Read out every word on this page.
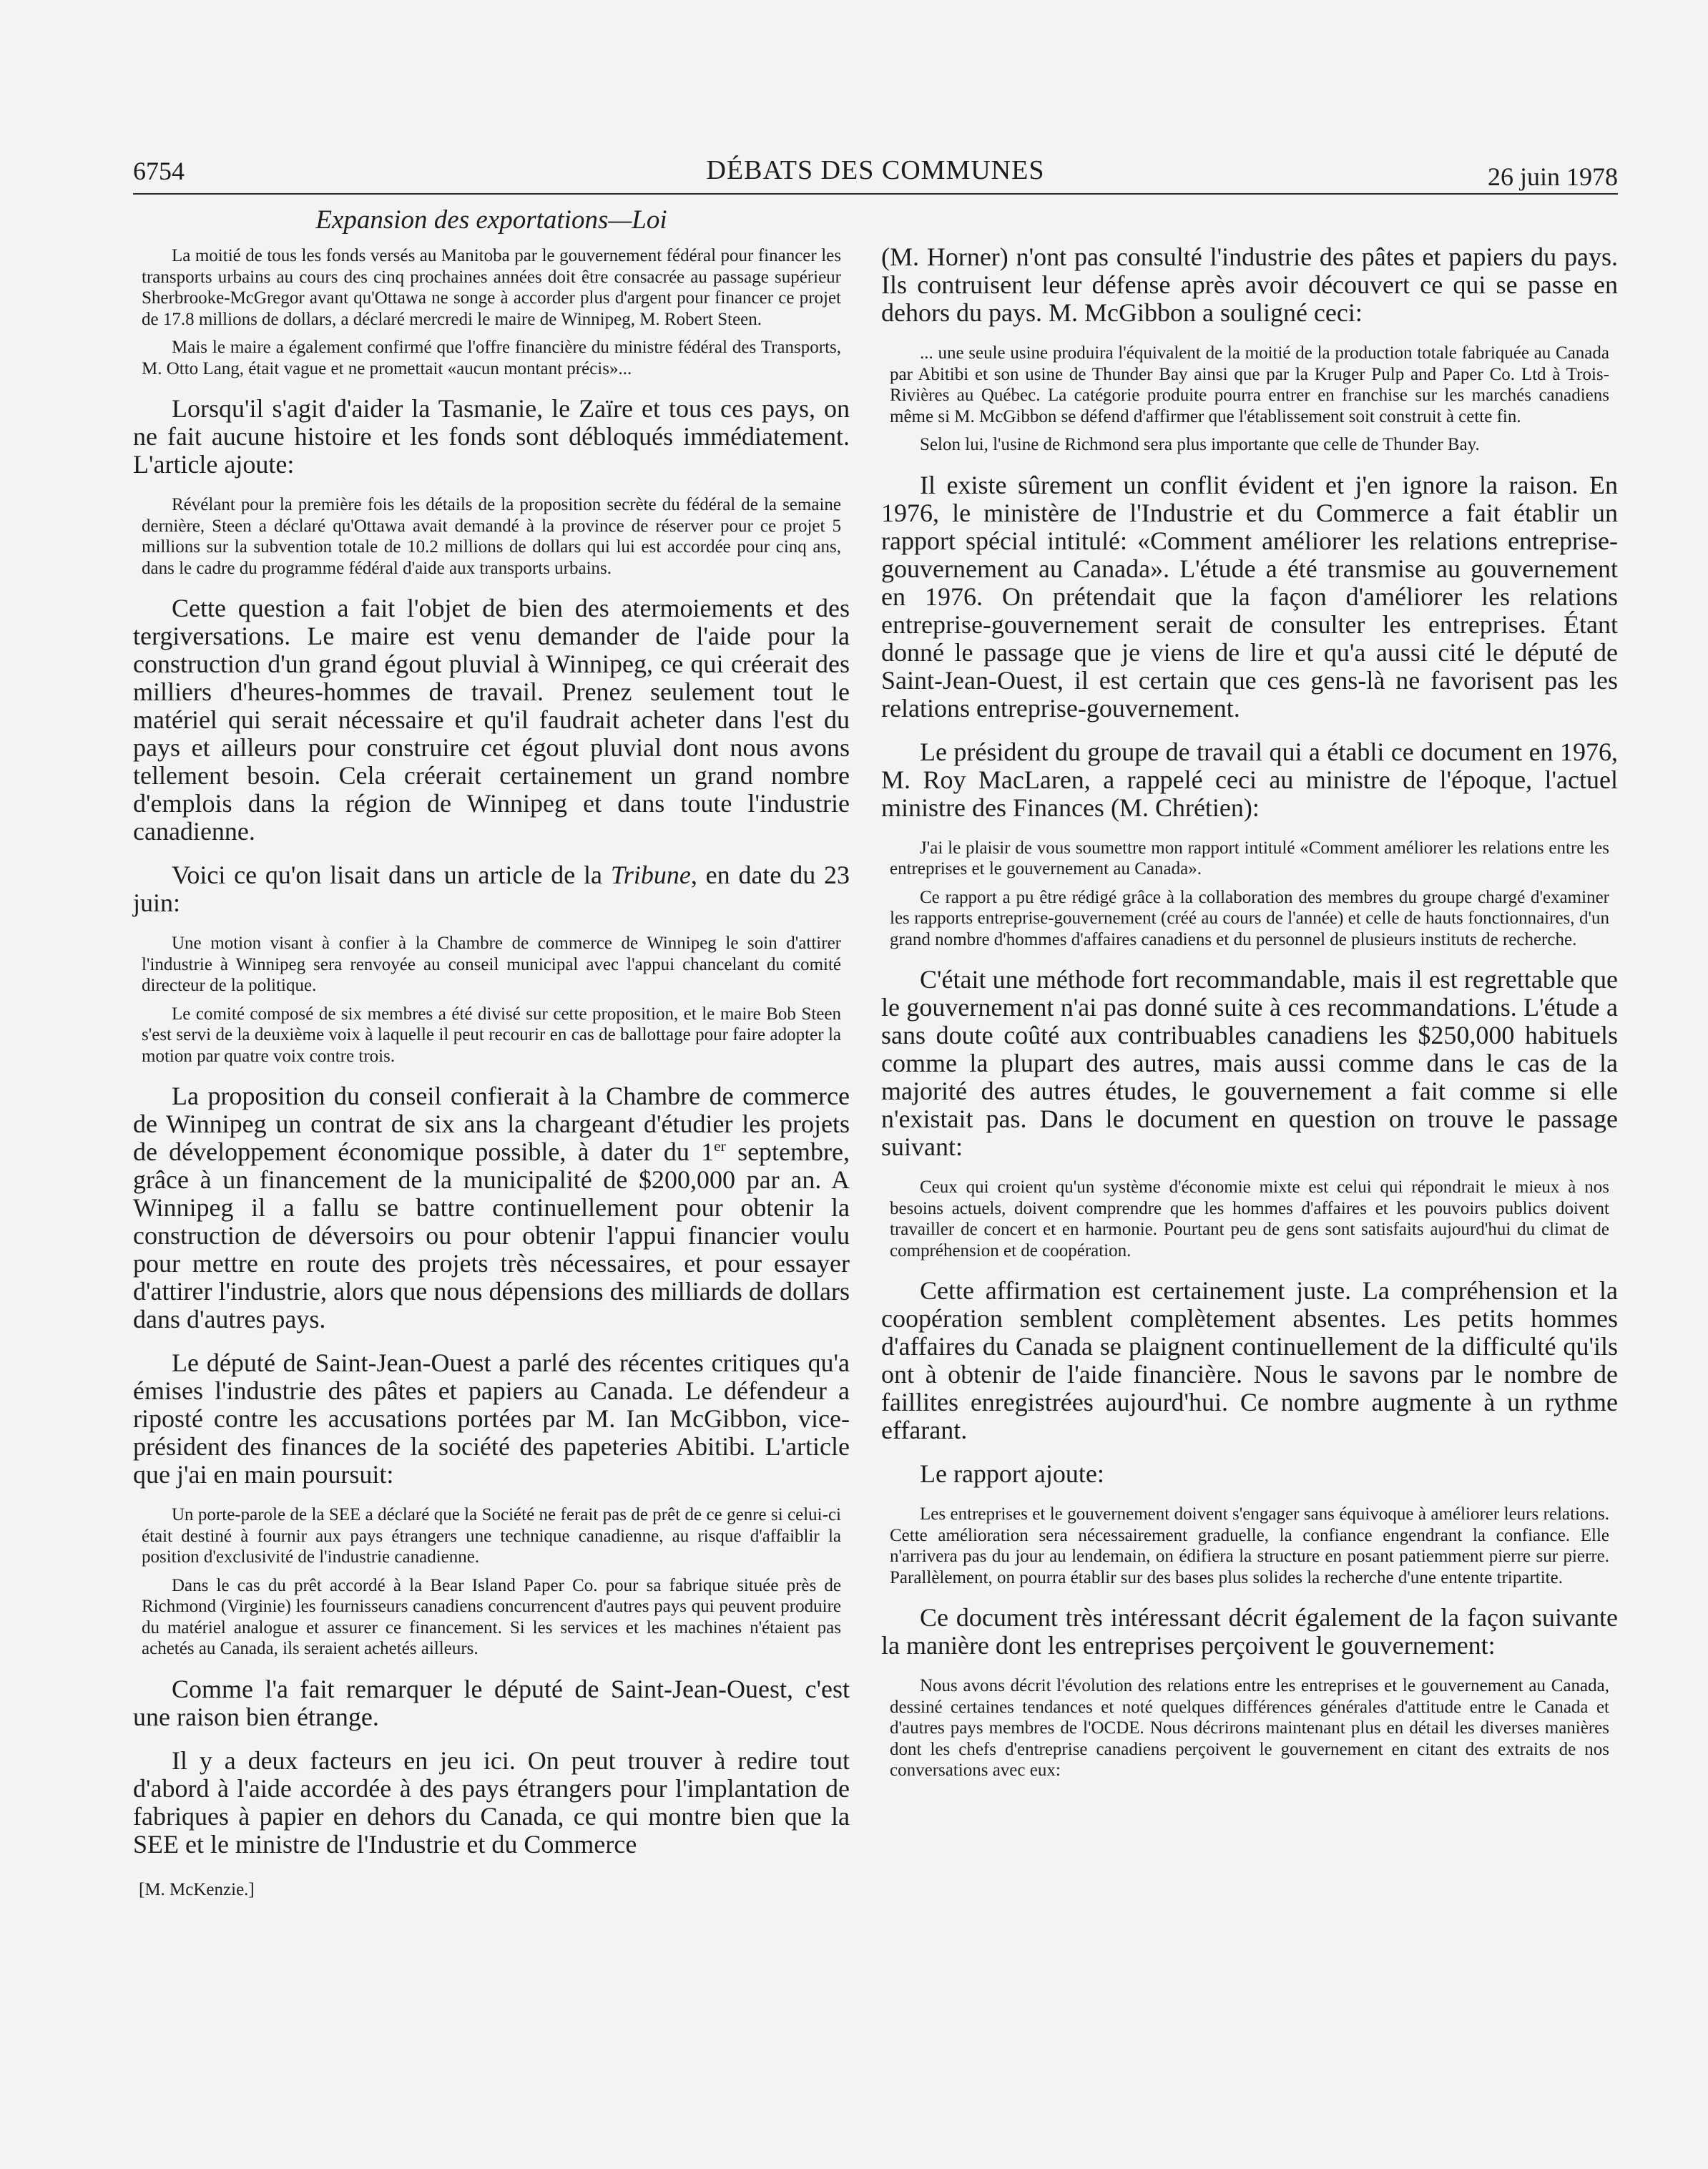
6754	DÉBATS DES COMMUNES	26 juin 1978
Expansion des exportations—Loi

La moitié de tous les fonds versés au Manitoba par le gouvernement fédéral pour financer les transports urbains au cours des cinq prochaines années doit être consacrée au passage supérieur Sherbrooke-McGregor avant qu'Ottawa ne songe à accorder plus d'argent pour financer ce projet de 17.8 millions de dollars, a déclaré mercredi le maire de Winnipeg, M. Robert Steen.

Mais le maire a également confirmé que l'offre financière du ministre fédéral des Transports, M. Otto Lang, était vague et ne promettait «aucun montant précis»...

Lorsqu'il s'agit d'aider la Tasmanie, le Zaïre et tous ces pays, on ne fait aucune histoire et les fonds sont débloqués immédiatement. L'article ajoute:

Révélant pour la première fois les détails de la proposition secrète du fédéral de la semaine dernière, Steen a déclaré qu'Ottawa avait demandé à la province de réserver pour ce projet 5 millions sur la subvention totale de 10.2 millions de dollars qui lui est accordée pour cinq ans, dans le cadre du programme fédéral d'aide aux transports urbains.

Cette question a fait l'objet de bien des atermoiements et des tergiversations. Le maire est venu demander de l'aide pour la construction d'un grand égout pluvial à Winnipeg, ce qui créerait des milliers d'heures-hommes de travail. Prenez seulement tout le matériel qui serait nécessaire et qu'il faudrait acheter dans l'est du pays et ailleurs pour construire cet égout pluvial dont nous avons tellement besoin. Cela créerait certainement un grand nombre d'emplois dans la région de Winnipeg et dans toute l'industrie canadienne.

Voici ce qu'on lisait dans un article de la Tribune, en date du 23 juin:

Une motion visant à confier à la Chambre de commerce de Winnipeg le soin d'attirer l'industrie à Winnipeg sera renvoyée au conseil municipal avec l'appui chancelant du comité directeur de la politique.

Le comité composé de six membres a été divisé sur cette proposition, et le maire Bob Steen s'est servi de la deuxième voix à laquelle il peut recourir en cas de ballottage pour faire adopter la motion par quatre voix contre trois.

La proposition du conseil confierait à la Chambre de commerce de Winnipeg un contrat de six ans la chargeant d'étudier les projets de développement économique possible, à dater du 1er septembre, grâce à un financement de la municipalité de $200,000 par an. A Winnipeg il a fallu se battre continuellement pour obtenir la construction de déversoirs ou pour obtenir l'appui financier voulu pour mettre en route des projets très nécessaires, et pour essayer d'attirer l'industrie, alors que nous dépensions des milliards de dollars dans d'autres pays.

Le député de Saint-Jean-Ouest a parlé des récentes critiques qu'a émises l'industrie des pâtes et papiers au Canada. Le défendeur a riposté contre les accusations portées par M. Ian McGibbon, vice-président des finances de la société des papeteries Abitibi. L'article que j'ai en main poursuit:

Un porte-parole de la SEE a déclaré que la Société ne ferait pas de prêt de ce genre si celui-ci était destiné à fournir aux pays étrangers une technique canadienne, au risque d'affaiblir la position d'exclusivité de l'industrie canadienne.

Dans le cas du prêt accordé à la Bear Island Paper Co. pour sa fabrique située près de Richmond (Virginie) les fournisseurs canadiens concurrencent d'autres pays qui peuvent produire du matériel analogue et assurer ce financement. Si les services et les machines n'étaient pas achetés au Canada, ils seraient achetés ailleurs.

Comme l'a fait remarquer le député de Saint-Jean-Ouest, c'est une raison bien étrange.

Il y a deux facteurs en jeu ici. On peut trouver à redire tout d'abord à l'aide accordée à des pays étrangers pour l'implantation de fabriques à papier en dehors du Canada, ce qui montre bien que la SEE et le ministre de l'Industrie et du Commerce

[M. McKenzie.]

(M. Horner) n'ont pas consulté l'industrie des pâtes et papiers du pays. Ils contruisent leur défense après avoir découvert ce qui se passe en dehors du pays. M. McGibbon a souligné ceci:

... une seule usine produira l'équivalent de la moitié de la production totale fabriquée au Canada par Abitibi et son usine de Thunder Bay ainsi que par la Kruger Pulp and Paper Co. Ltd à Trois-Rivières au Québec. La catégorie produite pourra entrer en franchise sur les marchés canadiens même si M. McGibbon se défend d'affirmer que l'établissement soit construit à cette fin.

Selon lui, l'usine de Richmond sera plus importante que celle de Thunder Bay.

Il existe sûrement un conflit évident et j'en ignore la raison. En 1976, le ministère de l'Industrie et du Commerce a fait établir un rapport spécial intitulé: «Comment améliorer les relations entreprise-gouvernement au Canada». L'étude a été transmise au gouvernement en 1976. On prétendait que la façon d'améliorer les relations entreprise-gouvernement serait de consulter les entreprises. Étant donné le passage que je viens de lire et qu'a aussi cité le député de Saint-Jean-Ouest, il est certain que ces gens-là ne favorisent pas les relations entreprise-gouvernement.

Le président du groupe de travail qui a établi ce document en 1976, M. Roy MacLaren, a rappelé ceci au ministre de l'époque, l'actuel ministre des Finances (M. Chrétien):

J'ai le plaisir de vous soumettre mon rapport intitulé «Comment améliorer les relations entre les entreprises et le gouvernement au Canada».

Ce rapport a pu être rédigé grâce à la collaboration des membres du groupe chargé d'examiner les rapports entreprise-gouvernement (créé au cours de l'année) et celle de hauts fonctionnaires, d'un grand nombre d'hommes d'affaires canadiens et du personnel de plusieurs instituts de recherche.

C'était une méthode fort recommandable, mais il est regrettable que le gouvernement n'ai pas donné suite à ces recommandations. L'étude a sans doute coûté aux contribuables canadiens les $250,000 habituels comme la plupart des autres, mais aussi comme dans le cas de la majorité des autres études, le gouvernement a fait comme si elle n'existait pas. Dans le document en question on trouve le passage suivant:

Ceux qui croient qu'un système d'économie mixte est celui qui répondrait le mieux à nos besoins actuels, doivent comprendre que les hommes d'affaires et les pouvoirs publics doivent travailler de concert et en harmonie. Pourtant peu de gens sont satisfaits aujourd'hui du climat de compréhension et de coopération.

Cette affirmation est certainement juste. La compréhension et la coopération semblent complètement absentes. Les petits hommes d'affaires du Canada se plaignent continuellement de la difficulté qu'ils ont à obtenir de l'aide financière. Nous le savons par le nombre de faillites enregistrées aujourd'hui. Ce nombre augmente à un rythme effarant.

Le rapport ajoute:

Les entreprises et le gouvernement doivent s'engager sans équivoque à améliorer leurs relations. Cette amélioration sera nécessairement graduelle, la confiance engendrant la confiance. Elle n'arrivera pas du jour au lendemain, on édifiera la structure en posant patiemment pierre sur pierre. Parallèlement, on pourra établir sur des bases plus solides la recherche d'une entente tripartite.

Ce document très intéressant décrit également de la façon suivante la manière dont les entreprises perçoivent le gouvernement:

Nous avons décrit l'évolution des relations entre les entreprises et le gouvernement au Canada, dessiné certaines tendances et noté quelques différences générales d'attitude entre le Canada et d'autres pays membres de l'OCDE. Nous décrirons maintenant plus en détail les diverses manières dont les chefs d'entreprise canadiens perçoivent le gouvernement en citant des extraits de nos conversations avec eux:
